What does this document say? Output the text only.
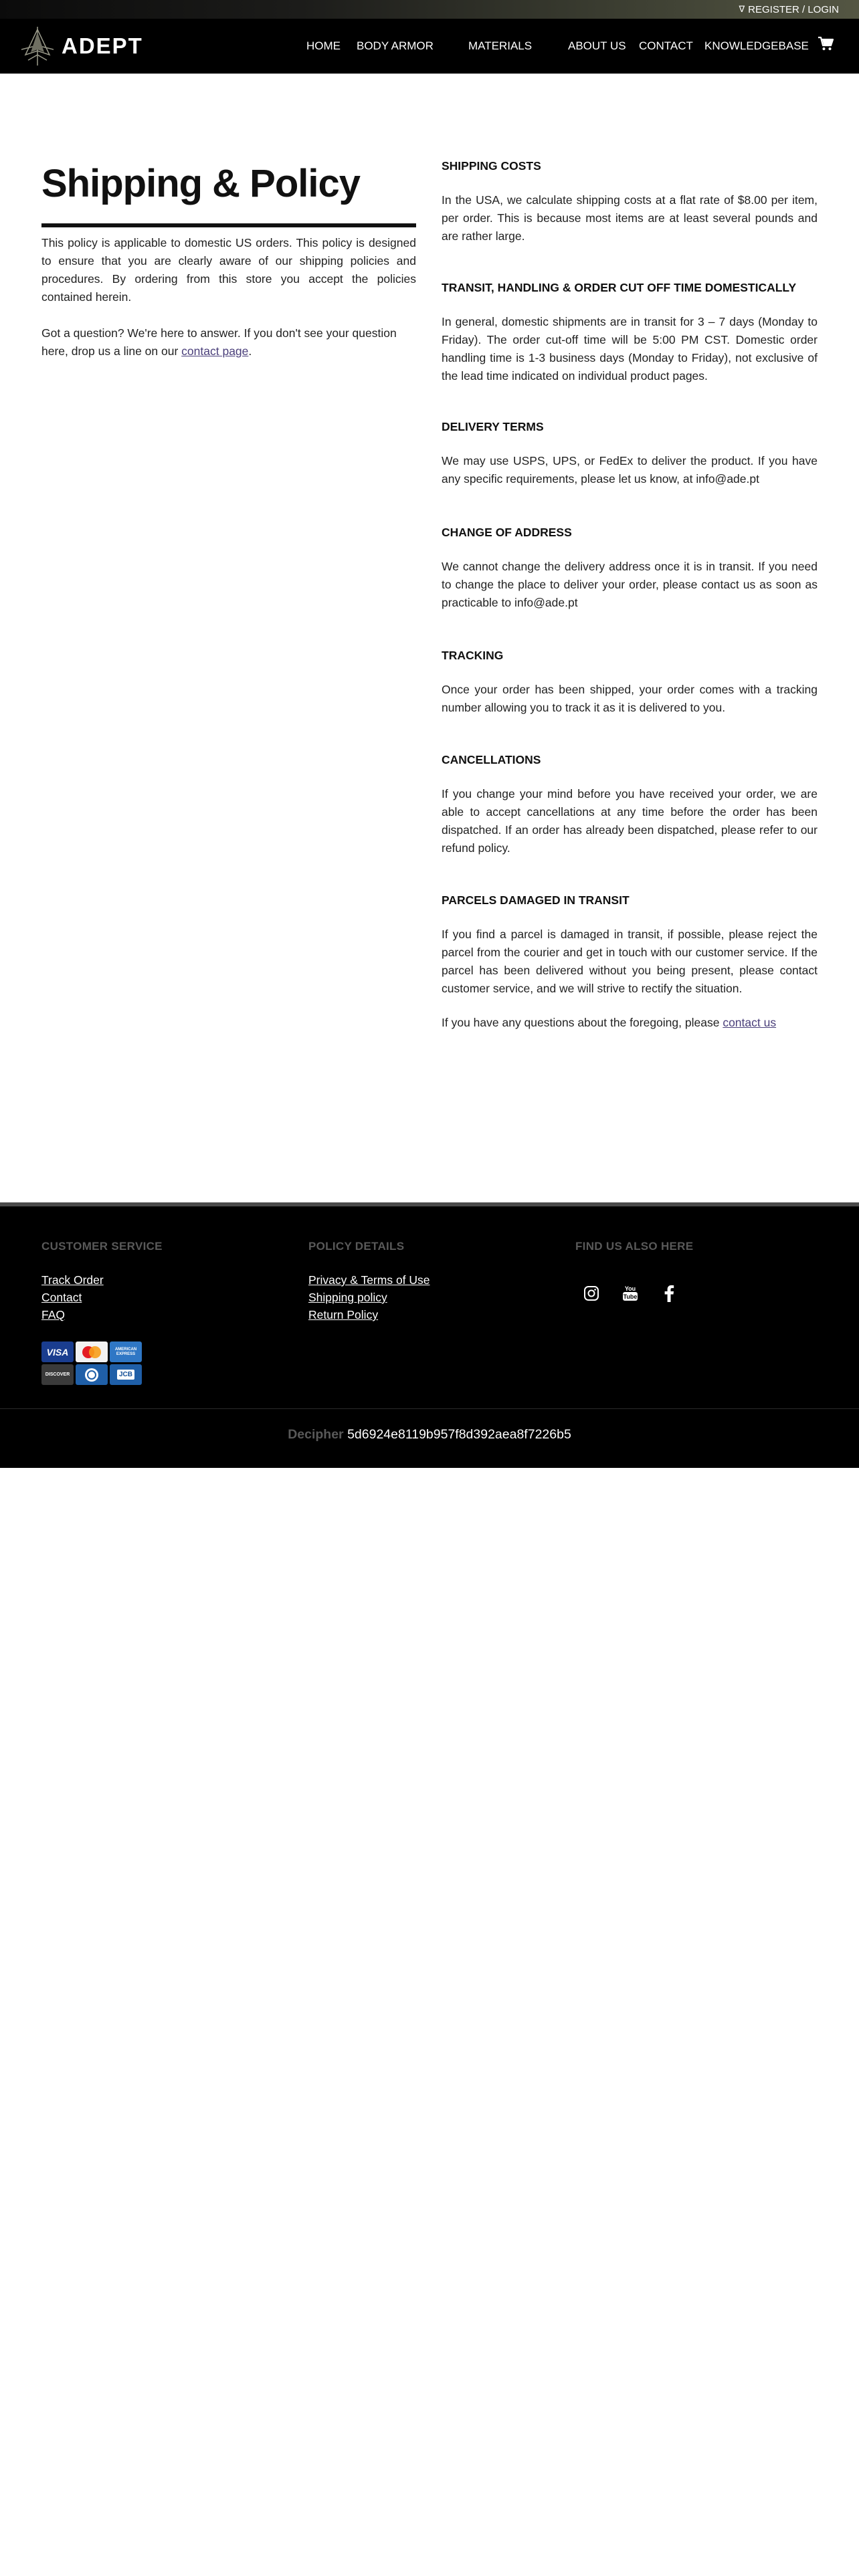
∇ REGISTER / LOGIN
ADEPT	HOME BODY ARMOR	MATERIALS	ABOUT US CONTACT KNOWLEDGEBASE
Shipping & Policy

This policy is applicable to domestic US orders. This policy is designed to ensure that you are clearly aware of our shipping policies and procedures. By ordering from this store you accept the policies contained herein.

Got a question? We're here to answer. If you don't see your question here, drop us a line on our contact page.

SHIPPING COSTS

In the USA, we calculate shipping costs at a flat rate of $8.00 per item, per order. This is because most items are at least several pounds and are rather large.

TRANSIT, HANDLING & ORDER CUT OFF TIME DOMESTICALLY

In general, domestic shipments are in transit for 3 – 7 days (Monday to Friday). The order cut-off time will be 5:00 PM CST. Domestic order handling time is 1-3 business days (Monday to Friday), not exclusive of the lead time indicated on individual product pages.

DELIVERY TERMS

We may use USPS, UPS, or FedEx to deliver the product. If you have any specific requirements, please let us know, at info@ade.pt

CHANGE OF ADDRESS

We cannot change the delivery address once it is in transit. If you need to change the place to deliver your order, please contact us as soon as practicable to info@ade.pt

TRACKING

Once your order has been shipped, your order comes with a tracking number allowing you to track it as it is delivered to you.

CANCELLATIONS

If you change your mind before you have received your order, we are able to accept cancellations at any time before the order has been dispatched. If an order has already been dispatched, please refer to our refund policy.

PARCELS DAMAGED IN TRANSIT

If you find a parcel is damaged in transit, if possible, please reject the parcel from the courier and get in touch with our customer service. If the parcel has been delivered without you being present, please contact customer service, and we will strive to rectify the situation.

If you have any questions about the foregoing, please contact us

CUSTOMER SERVICE
Track Order
Contact
FAQ
VISA	AMERICAN EXPRESS
DISCOVER	JCB
POLICY DETAILS
Privacy & Terms of Use
Shipping policy
Return Policy
FIND US ALSO HERE
You
Tube

Decipher 5d6924e8119b957f8d392aea8f7226b5
